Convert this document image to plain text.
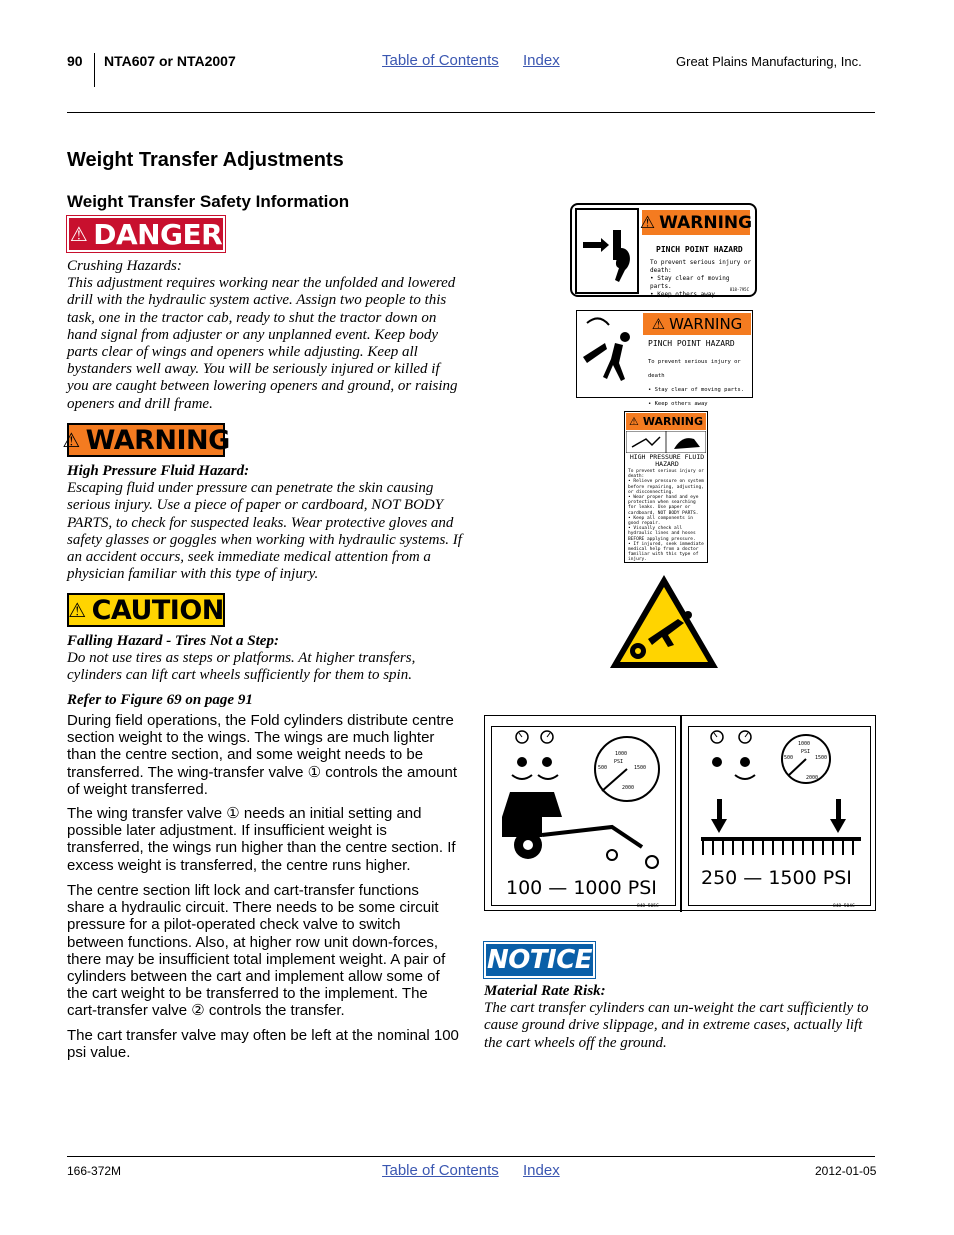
90 NTA607 or NTA2007	Table of Contents Index	Great Plains Manufacturing, Inc.
Weight Transfer Adjustments
Weight Transfer Safety Information
⚠ DANGER
Crushing Hazards:
This adjustment requires working near the unfolded and lowered drill with the hydraulic system active. Assign two people to this task, one in the tractor cab, ready to shut the tractor down on hand signal from adjuster or any unplanned event. Keep body parts clear of wings and openers while adjusting. Keep all bystanders well away. You will be seriously injured or killed if you are caught between lowering openers and ground, or raising openers and drill frame.
⚠ WARNING
High Pressure Fluid Hazard:
Escaping fluid under pressure can penetrate the skin causing serious injury. Use a piece of paper or cardboard, NOT BODY PARTS, to check for suspected leaks. Wear protective gloves and safety glasses or goggles when working with hydraulic systems. If an accident occurs, seek immediate medical attention from a physician familiar with this type of injury.
⚠ CAUTION
Falling Hazard - Tires Not a Step:
Do not use tires as steps or platforms. At higher transfers, cylinders can lift cart wheels sufficiently for them to spin.
Refer to Figure 69 on page 91

During field operations, the Fold cylinders distribute centre section weight to the wings. The wings are much lighter than the centre section, and some weight needs to be transferred. The wing-transfer valve ① controls the amount of weight transferred.

The wing transfer valve ① needs an initial setting and possible later adjustment. If insufficient weight is transferred, the wings run higher than the centre section. If excess weight is transferred, the centre runs higher.

The centre section lift lock and cart-transfer functions share a hydraulic circuit. There needs to be some circuit pressure for a pilot-operated check valve to switch between functions. Also, at higher row unit down-forces, there may be insufficient total implement weight. A pair of cylinders between the cart and implement allow some of the cart weight to be transferred to the implement. The cart-transfer valve ② controls the transfer.

The cart transfer valve may often be left at the nominal 100 psi value.

⚠ WARNING
PINCH POINT HAZARD
To prevent serious injury or death:
• Stay clear of moving parts.
• Keep others away.
818-795C
⚠ WARNING
PINCH POINT HAZARD
To prevent serious injury or death
• Stay clear of moving parts.
• Keep others away
⚠ WARNING
HIGH PRESSURE FLUID HAZARD
To prevent serious injury or death:
• Relieve pressure on system before repairing, adjusting, or disconnecting.
• Wear proper hand and eye protection when searching for leaks. Use paper or cardboard, NOT BODY PARTS.
• Keep all components in good repair.
• Visually check all hydraulic lines and hoses BEFORE applying pressure.
• If injured, seek immediate medical help from a doctor familiar with this type of injury.
1000
PSI
500	1500
2000
100 — 1000 PSI
848-505C
1000
PSI
500	1500
2000
250 — 1500 PSI
848-504C
NOTICE
Material Rate Risk:
The cart transfer cylinders can un-weight the cart sufficiently to cause ground drive slippage, and in extreme cases, actually lift the cart wheels off the ground.
166-372M	Table of Contents Index	2012-01-05
